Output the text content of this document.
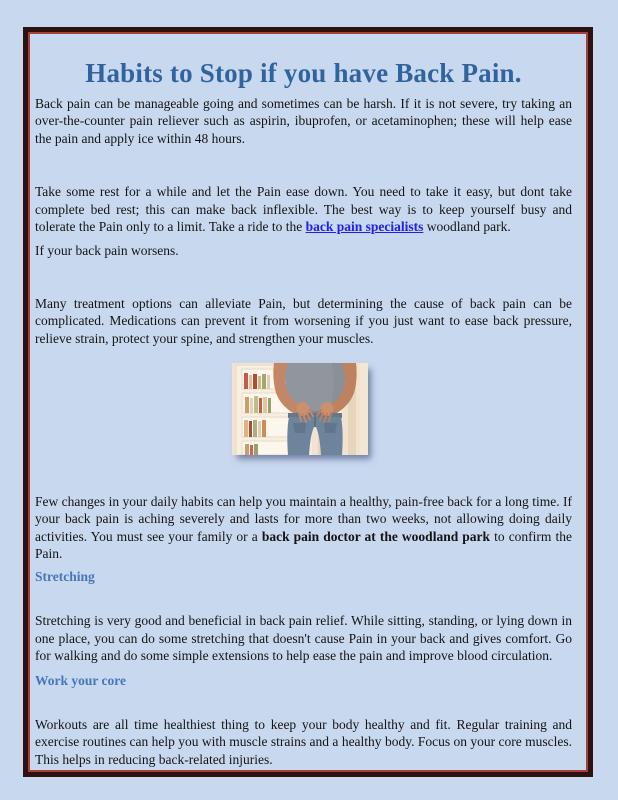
Habits to Stop if you have Back Pain.

Back pain can be manageable going and sometimes can be harsh. If it is not severe, try taking an over-the-counter pain reliever such as aspirin, ibuprofen, or acetaminophen; these will help ease the pain and apply ice within 48 hours.

Take some rest for a while and let the Pain ease down. You need to take it easy, but dont take complete bed rest; this can make back inflexible. The best way is to keep yourself busy and tolerate the Pain only to a limit. Take a ride to the back pain specialists woodland park.

If your back pain worsens.

Many treatment options can alleviate Pain, but determining the cause of back pain can be complicated. Medications can prevent it from worsening if you just want to ease back pressure, relieve strain, protect your spine, and strengthen your muscles.

Few changes in your daily habits can help you maintain a healthy, pain-free back for a long time. If your back pain is aching severely and lasts for more than two weeks, not allowing doing daily activities. You must see your family or a back pain doctor at the woodland park to confirm the Pain.

Stretching

Stretching is very good and beneficial in back pain relief. While sitting, standing, or lying down in one place, you can do some stretching that doesn't cause Pain in your back and gives comfort. Go for walking and do some simple extensions to help ease the pain and improve blood circulation.

Work your core

Workouts are all time healthiest thing to keep your body healthy and fit. Regular training and exercise routines can help you with muscle strains and a healthy body. Focus on your core muscles. This helps in reducing back-related injuries.
